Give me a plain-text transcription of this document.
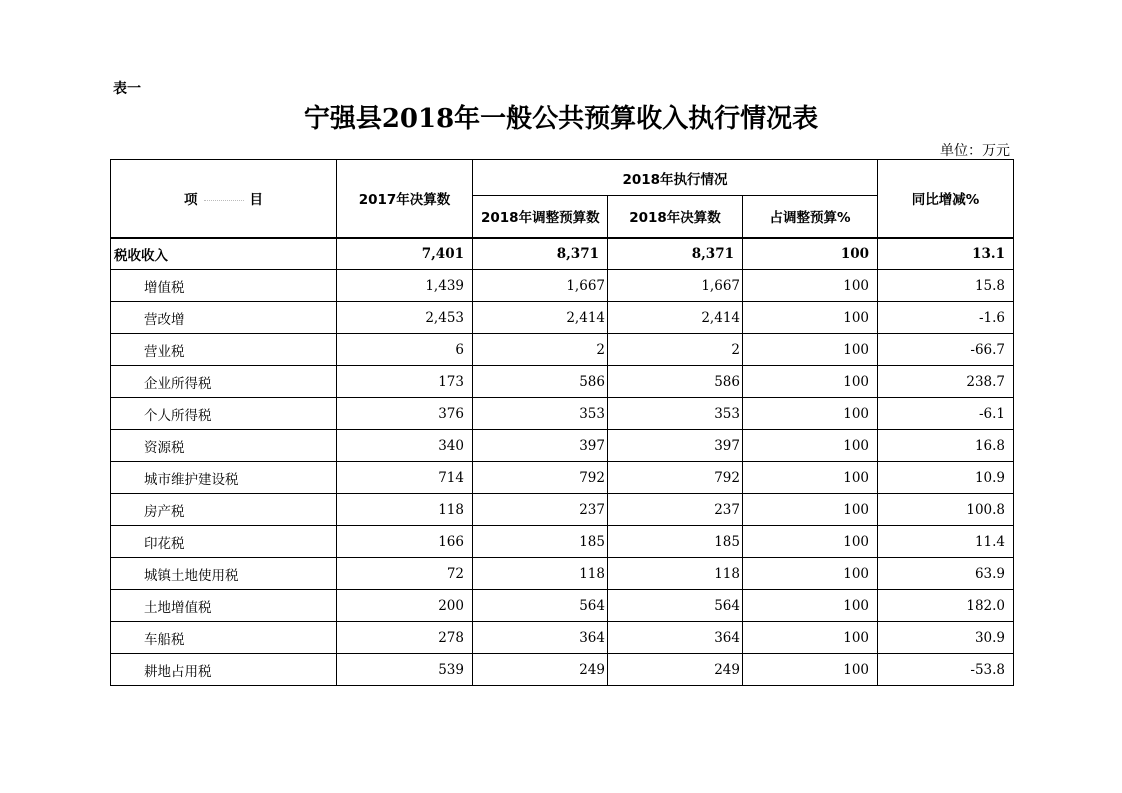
表一
宁强县2018年一般公共预算收入执行情况表
单位：万元
项 目	2017年决算数	2018年执行情况			同比增减%
		2018年调整预算数	2018年决算数	占调整预算%	
税收收入	7,401	8,371	8,371	100	13.1
增值税	1,439	1,667	1,667	100	15.8
营改增	2,453	2,414	2,414	100	-1.6
营业税	6	2	2	100	-66.7
企业所得税	173	586	586	100	238.7
个人所得税	376	353	353	100	-6.1
资源税	340	397	397	100	16.8
城市维护建设税	714	792	792	100	10.9
房产税	118	237	237	100	100.8
印花税	166	185	185	100	11.4
城镇土地使用税	72	118	118	100	63.9
土地增值税	200	564	564	100	182.0
车船税	278	364	364	100	30.9
耕地占用税	539	249	249	100	-53.8
